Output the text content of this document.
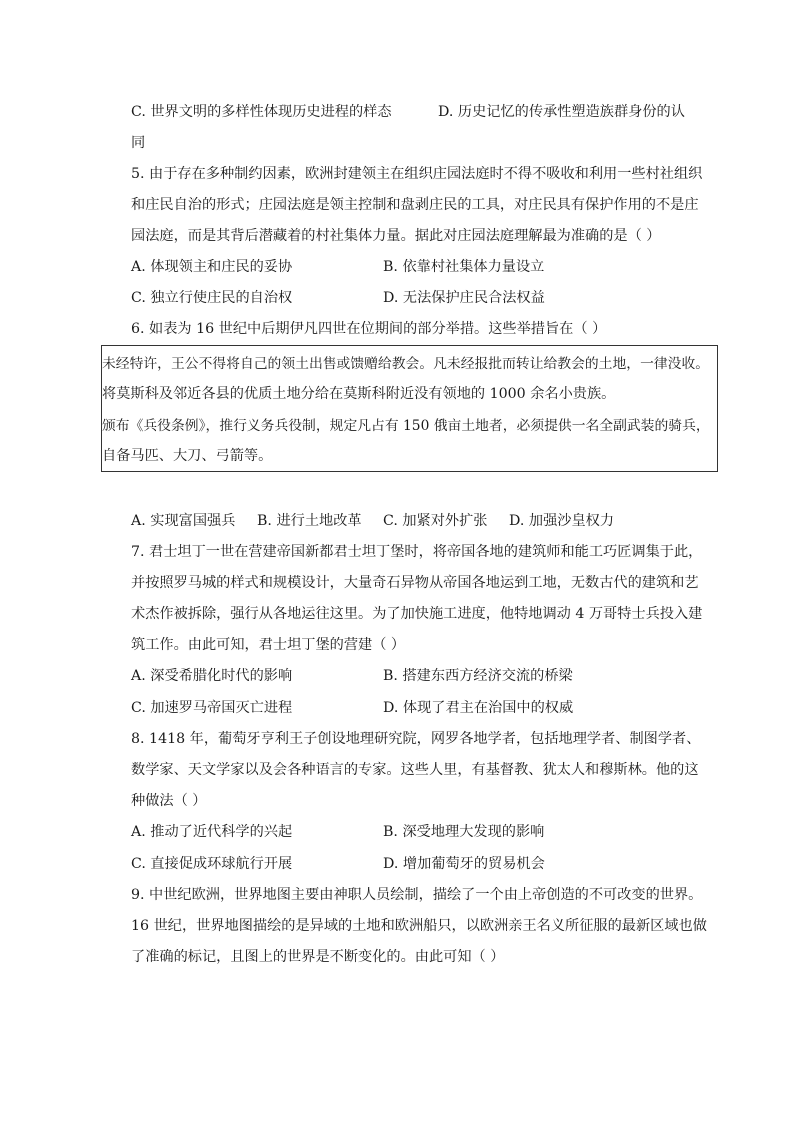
C. 世界文明的多样性体现历史进程的样态	D. 历史记忆的传承性塑造族群身份的认
同
5. 由于存在多种制约因素，欧洲封建领主在组织庄园法庭时不得不吸收和利用一些村社组织
和庄民自治的形式；庄园法庭是领主控制和盘剥庄民的工具，对庄民具有保护作用的不是庄
园法庭，而是其背后潜藏着的村社集体力量。据此对庄园法庭理解最为准确的是（ ）
A. 体现领主和庄民的妥协	B. 依靠村社集体力量设立
C. 独立行使庄民的自治权	D. 无法保护庄民合法权益
6. 如表为 16 世纪中后期伊凡四世在位期间的部分举措。这些举措旨在（ ）
未经特许，王公不得将自己的领土出售或馈赠给教会。凡未经报批而转让给教会的土地，一律没收。
将莫斯科及邻近各县的优质土地分给在莫斯科附近没有领地的 1000 余名小贵族。
颁布《兵役条例》，推行义务兵役制，规定凡占有 150 俄亩土地者，必须提供一名全副武装的骑兵，
自备马匹、大刀、弓箭等。
A. 实现富国强兵 B. 进行土地改革 C. 加紧对外扩张 D. 加强沙皇权力
7. 君士坦丁一世在营建帝国新都君士坦丁堡时，将帝国各地的建筑师和能工巧匠调集于此，
并按照罗马城的样式和规模设计，大量奇石异物从帝国各地运到工地，无数古代的建筑和艺
术杰作被拆除，强行从各地运往这里。为了加快施工进度，他特地调动 4 万哥特士兵投入建
筑工作。由此可知，君士坦丁堡的营建（ ）
A. 深受希腊化时代的影响	B. 搭建东西方经济交流的桥梁
C. 加速罗马帝国灭亡进程	D. 体现了君主在治国中的权威
8. 1418 年，葡萄牙亨利王子创设地理研究院，网罗各地学者，包括地理学者、制图学者、
数学家、天文学家以及会各种语言的专家。这些人里，有基督教、犹太人和穆斯林。他的这
种做法（ ）
A. 推动了近代科学的兴起	B. 深受地理大发现的影响
C. 直接促成环球航行开展	D. 增加葡萄牙的贸易机会
9. 中世纪欧洲，世界地图主要由神职人员绘制，描绘了一个由上帝创造的不可改变的世界。
16 世纪，世界地图描绘的是异域的土地和欧洲船只，以欧洲亲王名义所征服的最新区域也做
了准确的标记，且图上的世界是不断变化的。由此可知（ ）
